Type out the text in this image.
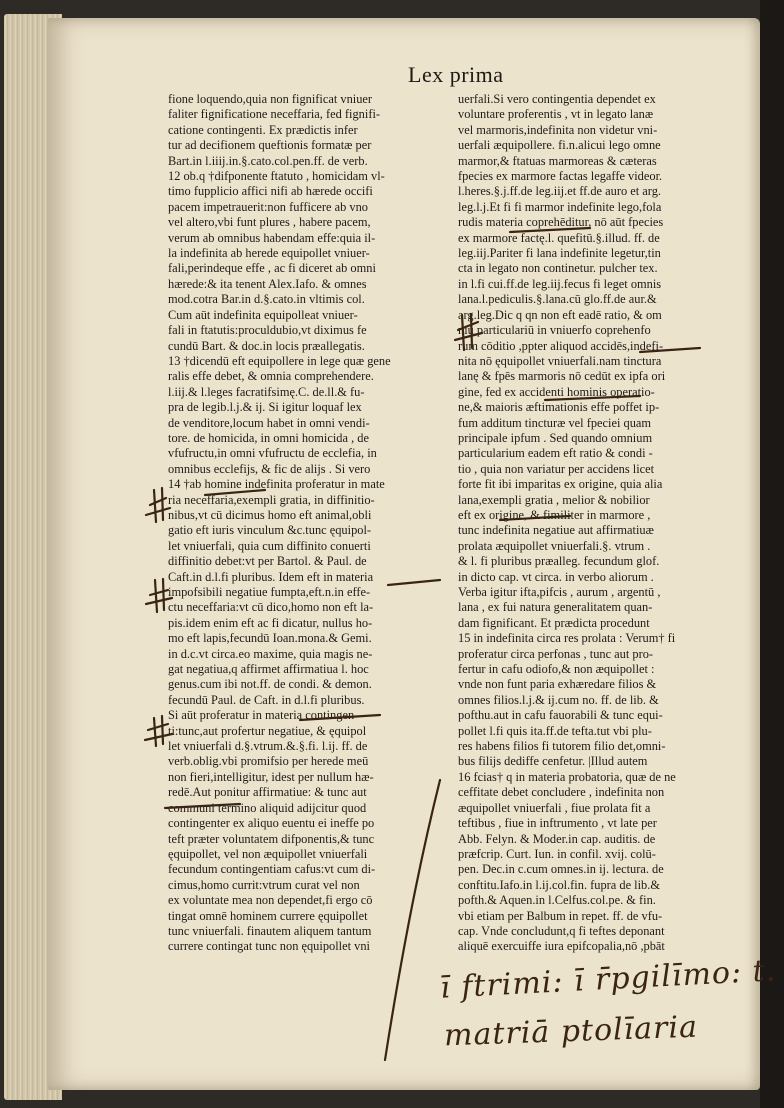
Lex prima
fione loquendo,quia non fignificat vniuer
faliter fignificatione neceffaria, fed fignifi-
catione contingenti. Ex prædictis infer
tur ad decifionem queftionis formatæ per
Bart.in l.iiij.in.§.cato.col.pen.ff. de verb.
12 ob.q †difponente ftatuto , homicidam vl-
timo fupplicio affici nifi ab hærede occifi
pacem impetrauerit:non fufficere ab vno
vel altero,vbi funt plures , habere pacem,
verum ab omnibus habendam effe:quia il-
la indefinita ab herede equipollet vniuer-
fali,perindeque effe , ac fi diceret ab omni
hærede:& ita tenent Alex.Iafo. & omnes
mod.cotra Bar.in d.§.cato.in vltimis col.
Cum aūt indefinita equipolleat vniuer-
fali in ftatutis:proculdubio,vt diximus fe
cundū Bart. & doc.in locis præallegatis.
13 †dicendū eft equipollere in lege quæ gene
ralis effe debet, & omnia comprehendere.
l.iij.& l.leges facratifsimę.C. de.ll.& fu-
pra de legib.l.j.& ij. Si igitur loquaf lex
de venditore,locum habet in omni vendi-
tore. de homicida, in omni homicida , de
vfufructu,in omni vfufructu de ecclefia, in
omnibus ecclefijs, & fic de alijs . Si vero
14 †ab homine indefinita proferatur in mate
ria neceffaria,exempli gratia, in diffinitio-
nibus,vt cū dicimus homo eft animal,obli
gatio eft iuris vinculum &c.tunc ęquipol-
let vniuerfali, quia cum diffinito conuerti
diffinitio debet:vt per Bartol. & Paul. de
Caft.in d.l.fi pluribus. Idem eft in materia
impofsibili negatiue fumpta,eft.n.in effe-
ctu neceffaria:vt cū dico,homo non eft la-
pis.idem enim eft ac fi dicatur, nullus ho-
mo eft lapis,fecundū Ioan.mona.& Gemi.
in d.c.vt circa.eo maxime, quia magis ne-
gat negatiua,q affirmet affirmatiua l. hoc
genus.cum ibi not.ff. de condi. & demon.
fecundū Paul. de Caft. in d.l.fi pluribus.
Si aūt proferatur in materia contingen-
ti:tunc,aut profertur negatiue, & ęquipol
let vniuerfali d.§.vtrum.&.§.fi. l.ij. ff. de
verb.oblig.vbi promifsio per herede meū
non fieri,intelligitur, idest per nullum hæ-
redē.Aut ponitur affirmatiue: & tunc aut
communi termino aliquid adijcitur quod
contingenter ex aliquo euentu ei ineffe po
teft præter voluntatem difponentis,& tunc
ęquipollet, vel non æquipollet vniuerfali
fecundum contingentiam cafus:vt cum di-
cimus,homo currit:vtrum curat vel non
ex voluntate mea non dependet,fi ergo cō
tingat omnē hominem currere ęquipollet
tunc vniuerfali. finautem aliquem tantum
currere contingat tunc non ęquipollet vni
uerfali.Si vero contingentia dependet ex
voluntare proferentis , vt in legato lanæ
vel marmoris,indefinita non videtur vni-
uerfali æquipollere. fi.n.alicui lego omne
marmor,& ftatuas marmoreas & cæteras
fpecies ex marmore factas legaffe videor.
l.heres.§.j.ff.de leg.iij.et ff.de auro et arg.
leg.l.j.Et fi fi marmor indefinite lego,fola
rudis materia coprehēditur, nō aūt fpecies
ex marmore factę.l. quefitū.§.illud. ff. de
leg.iij.Pariter fi lana indefinite legetur,tin
cta in legato non continetur. pulcher tex.
in l.fi cui.ff.de leg.iij.fecus fi leget omnis
lana.l.pediculis.§.lana.cū glo.ff.de aur.&
arg.leg.Dic q qn non eft eadē ratio, & om
niu particulariū in vniuerfo coprehenfo
rum cōditio ,ppter aliquod accidēs,indefi-
nita nō ęquipollet vniuerfali.nam tinctura
lanę & fpēs marmoris nō cedūt ex ipfa ori
gine, fed ex accidenti hominis operatio-
ne,& maioris æftimationis effe poffet ip-
fum additum tincturæ vel fpeciei quam
principale ipfum . Sed quando omnium
particularium eadem eft ratio & condi -
tio , quia non variatur per accidens licet
forte fit ibi imparitas ex origine, quia alia
lana,exempli gratia , melior & nobilior
eft ex origine, & fimiliter in marmore ,
tunc indefinita negatiue aut affirmatiuæ
prolata æquipollet vniuerfali.§. vtrum .
& l. fi pluribus præalleg. fecundum glof.
in dicto cap. vt circa. in verbo aliorum .
Verba igitur ifta,pifcis , aurum , argentū ,
lana , ex fui natura generalitatem quan-
dam fignificant. Et prædicta procedunt
15 in indefinita circa res prolata : Verum† fi
proferatur circa perfonas , tunc aut pro-
fertur in cafu odiofo,& non æquipollet :
vnde non funt paria exhæredare filios &
omnes filios.l.j.& ij.cum no. ff. de lib. &
pofthu.aut in cafu fauorabili & tunc equi-
pollet l.fi quis ita.ff.de tefta.tut vbi plu-
res habens filios fi tutorem filio det,omni-
bus filijs dediffe cenfetur. |Illud autem
16 fcias† q in materia probatoria, quæ de ne
ceffitate debet concludere , indefinita non
æquipollet vniuerfali , fiue prolata fit a
teftibus , fiue in inftrumento , vt late per
Abb. Felyn. & Moder.in cap. auditis. de
præfcrip. Curt. Iun. in confil. xvij. colū-
pen. Dec.in c.cum omnes.in ij. lectura. de
conftitu.Iafo.in l.ij.col.fin. fupra de lib.&
pofth.& Aquen.in l.Celfus.col.pe. & fin.
vbi etiam per Balbum in repet. ff. de vfu-
cap. Vnde concludunt,q fi teftes deponant
aliquē exercuiffe iura epifcopalia,nō ,pbāt
ī ftrimi: ī r̄pgilīmo: t.
matriā ptolīaria
